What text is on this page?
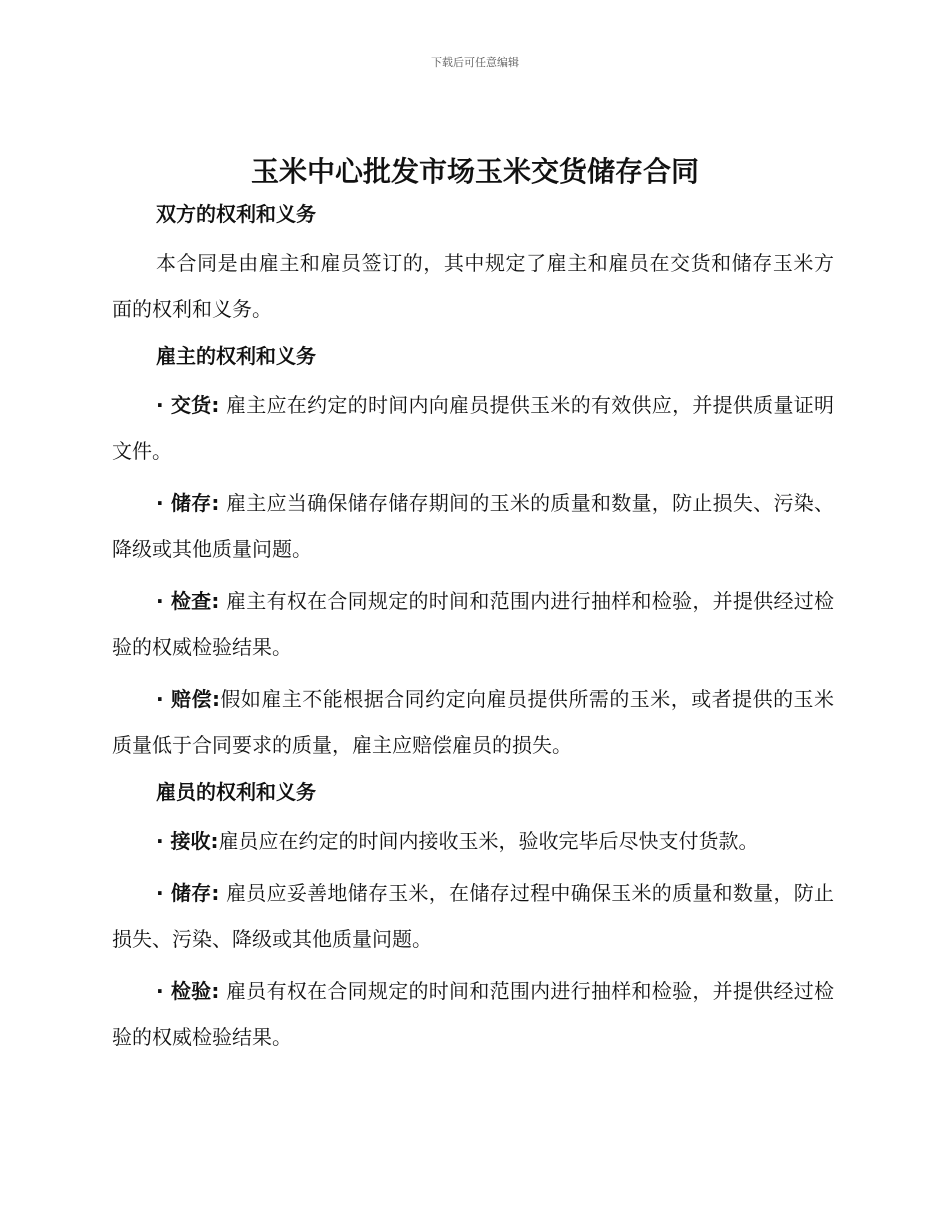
下载后可任意编辑
玉米中心批发市场玉米交货储存合同
双方的权利和义务
本合同是由雇主和雇员签订的，其中规定了雇主和雇员在交货和储存玉米方面的权利和义务。
雇主的权利和义务
· 交货: 雇主应在约定的时间内向雇员提供玉米的有效供应，并提供质量证明文件。
· 储存: 雇主应当确保储存储存期间的玉米的质量和数量，防止损失、污染、降级或其他质量问题。
· 检查: 雇主有权在合同规定的时间和范围内进行抽样和检验，并提供经过检验的权威检验结果。
· 赔偿:假如雇主不能根据合同约定向雇员提供所需的玉米，或者提供的玉米质量低于合同要求的质量，雇主应赔偿雇员的损失。
雇员的权利和义务
· 接收:雇员应在约定的时间内接收玉米，验收完毕后尽快支付货款。
· 储存: 雇员应妥善地储存玉米，在储存过程中确保玉米的质量和数量，防止损失、污染、降级或其他质量问题。
· 检验: 雇员有权在合同规定的时间和范围内进行抽样和检验，并提供经过检验的权威检验结果。
